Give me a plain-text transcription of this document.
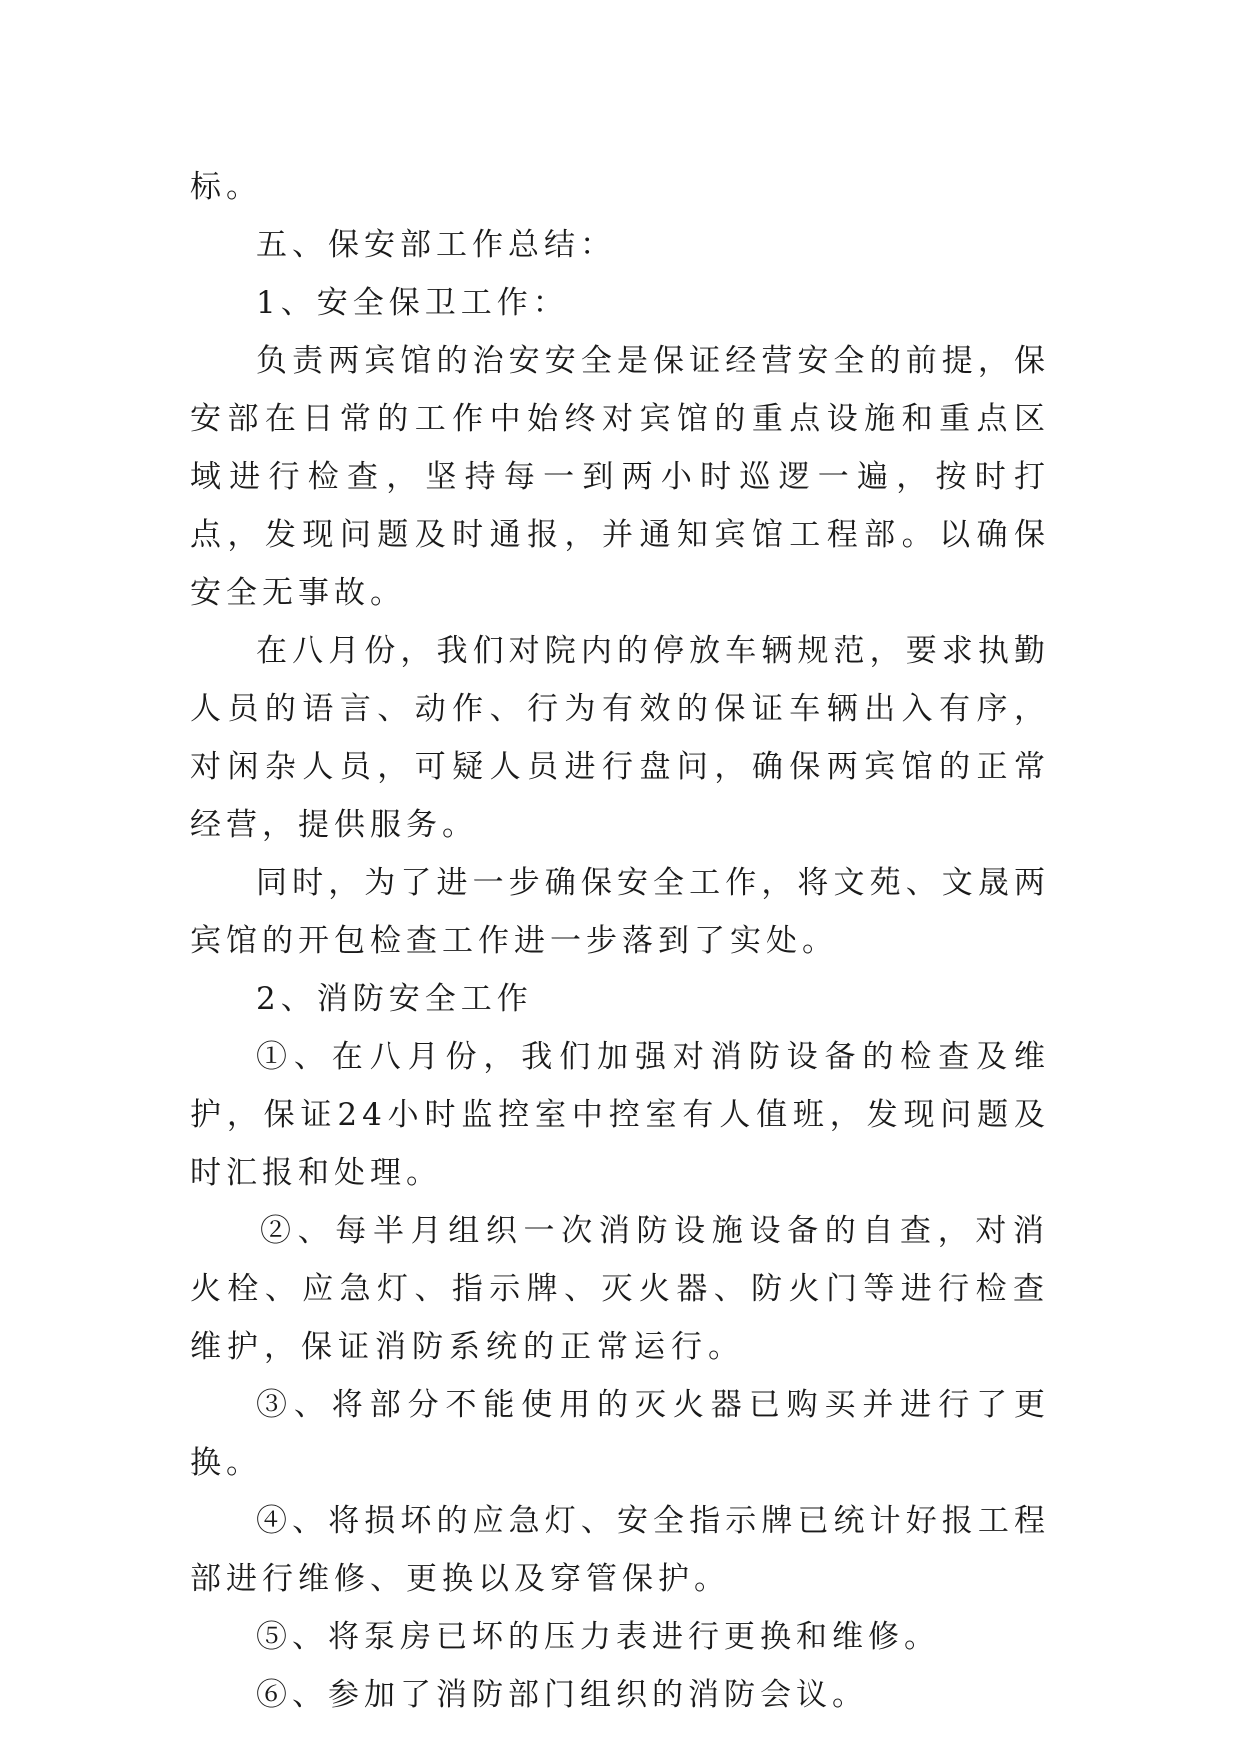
标。

五、保安部工作总结：

1、安全保卫工作：

负责两宾馆的治安安全是保证经营安全的前提，保安部在日常的工作中始终对宾馆的重点设施和重点区域进行检查，坚持每一到两小时巡逻一遍，按时打点，发现问题及时通报，并通知宾馆工程部。以确保安全无事故。

在八月份，我们对院内的停放车辆规范，要求执勤人员的语言、动作、行为有效的保证车辆出入有序，对闲杂人员，可疑人员进行盘问，确保两宾馆的正常经营，提供服务。

同时，为了进一步确保安全工作，将文苑、文晟两宾馆的开包检查工作进一步落到了实处。

2、消防安全工作

①、在八月份，我们加强对消防设备的检查及维护，保证24小时监控室中控室有人值班，发现问题及时汇报和处理。

②、每半月组织一次消防设施设备的自查，对消火栓、应急灯、指示牌、灭火器、防火门等进行检查维护，保证消防系统的正常运行。

③、将部分不能使用的灭火器已购买并进行了更换。

④、将损坏的应急灯、安全指示牌已统计好报工程部进行维修、更换以及穿管保护。

⑤、将泵房已坏的压力表进行更换和维修。

⑥、参加了消防部门组织的消防会议。
